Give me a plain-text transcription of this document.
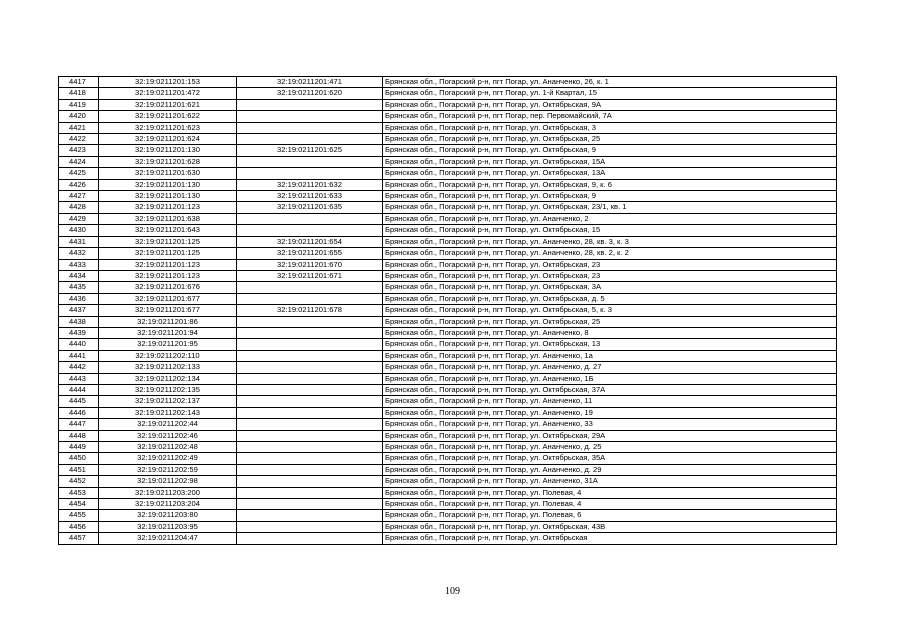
4417	32:19:0211201:153	32:19:0211201:471	Брянская обл., Погарский р-н, пгт Погар, ул. Ананченко, 26, к. 1
4418	32:19:0211201:472	32:19:0211201:620	Брянская обл., Погарский р-н, пгт Погар, ул. 1-й Квартал, 15
4419	32:19:0211201:621		Брянская обл., Погарский р-н, пгт Погар, ул. Октябрьская, 9А
4420	32:19:0211201:622		Брянская обл., Погарский р-н, пгт Погар, пер. Первомайский, 7А
4421	32:19:0211201:623		Брянская обл., Погарский р-н, пгт Погар, ул. Октябрьская, 3
4422	32:19:0211201:624		Брянская обл., Погарский р-н, пгт Погар, ул. Октябрьская, 25
4423	32:19:0211201:130	32:19:0211201:625	Брянская обл., Погарский р-н, пгт Погар, ул. Октябрьская, 9
4424	32:19:0211201:628		Брянская обл., Погарский р-н, пгт Погар, ул. Октябрьская, 15А
4425	32:19:0211201:630		Брянская обл., Погарский р-н, пгт Погар, ул. Октябрьская, 13А
4426	32:19:0211201:130	32:19:0211201:632	Брянская обл., Погарский р-н, пгт Погар, ул. Октябрьская, 9, к. 6
4427	32:19:0211201:130	32:19:0211201:633	Брянская обл., Погарский р-н, пгт Погар, ул. Октябрьская, 9
4428	32:19:0211201:123	32:19:0211201:635	Брянская обл., Погарский р-н, пгт Погар, ул. Октябрьская, 23/1, кв. 1
4429	32:19:0211201:638		Брянская обл., Погарский р-н, пгт Погар, ул. Ананченко, 2
4430	32:19:0211201:643		Брянская обл., Погарский р-н, пгт Погар, ул. Октябрьская, 15
4431	32:19:0211201:125	32:19:0211201:654	Брянская обл., Погарский р-н, пгт Погар, ул. Ананченко, 28, кв. 3, к. 3
4432	32:19:0211201:125	32:19:0211201:655	Брянская обл., Погарский р-н, пгт Погар, ул. Ананченко, 28, кв. 2, к. 2
4433	32:19:0211201:123	32:19:0211201:670	Брянская обл., Погарский р-н, пгт Погар, ул. Октябрьская, 23
4434	32:19:0211201:123	32:19:0211201:671	Брянская обл., Погарский р-н, пгт Погар, ул. Октябрьская, 23
4435	32:19:0211201:676		Брянская обл., Погарский р-н, пгт Погар, ул. Октябрьская, 3А
4436	32:19:0211201:677		Брянская обл., Погарский р-н, пгт Погар, ул. Октябрьская, д. 5
4437	32:19:0211201:677	32:19:0211201:678	Брянская обл., Погарский р-н, пгт Погар, ул. Октябрьская, 5, к. 3
4438	32:19:0211201:86		Брянская обл., Погарский р-н, пгт Погар, ул. Октябрьская, 25
4439	32:19:0211201:94		Брянская обл., Погарский р-н, пгт Погар, ул. Ананченко, 8
4440	32:19:0211201:95		Брянская обл., Погарский р-н, пгт Погар, ул. Октябрьская, 13
4441	32:19:0211202:110		Брянская обл., Погарский р-н, пгт Погар, ул. Ананченко, 1а
4442	32:19:0211202:133		Брянская обл., Погарский р-н, пгт Погар, ул. Ананченко, д. 27
4443	32:19:0211202:134		Брянская обл., Погарский р-н, пгт Погар, ул. Ананченко, 1Б
4444	32:19:0211202:135		Брянская обл., Погарский р-н, пгт Погар, ул. Октябрьская, 37А
4445	32:19:0211202:137		Брянская обл., Погарский р-н, пгт Погар, ул. Ананченко, 11
4446	32:19:0211202:143		Брянская обл., Погарский р-н, пгт Погар, ул. Ананченко, 19
4447	32:19:0211202:44		Брянская обл., Погарский р-н, пгт Погар, ул. Ананченко, 33
4448	32:19:0211202:46		Брянская обл., Погарский р-н, пгт Погар, ул. Октябрьская, 29А
4449	32:19:0211202:48		Брянская обл., Погарский р-н, пгт Погар, ул. Ананченко, д. 25
4450	32:19:0211202:49		Брянская обл., Погарский р-н, пгт Погар, ул. Октябрьская, 35А
4451	32:19:0211202:59		Брянская обл., Погарский р-н, пгт Погар, ул. Ананченко, д. 29
4452	32:19:0211202:98		Брянская обл., Погарский р-н, пгт Погар, ул. Ананченко, 31А
4453	32:19:0211203:200		Брянская обл., Погарский р-н, пгт Погар, ул. Полевая, 4
4454	32:19:0211203:204		Брянская обл., Погарский р-н, пгт Погар, ул. Полевая, 4
4455	32:19:0211203:80		Брянская обл., Погарский р-н, пгт Погар, ул. Полевая, 6
4456	32:19:0211203:95		Брянская обл., Погарский р-н, пгт Погар, ул. Октябрьская, 43В
4457	32:19:0211204:47		Брянская обл., Погарский р-н, пгт Погар, ул. Октябрьская
109
